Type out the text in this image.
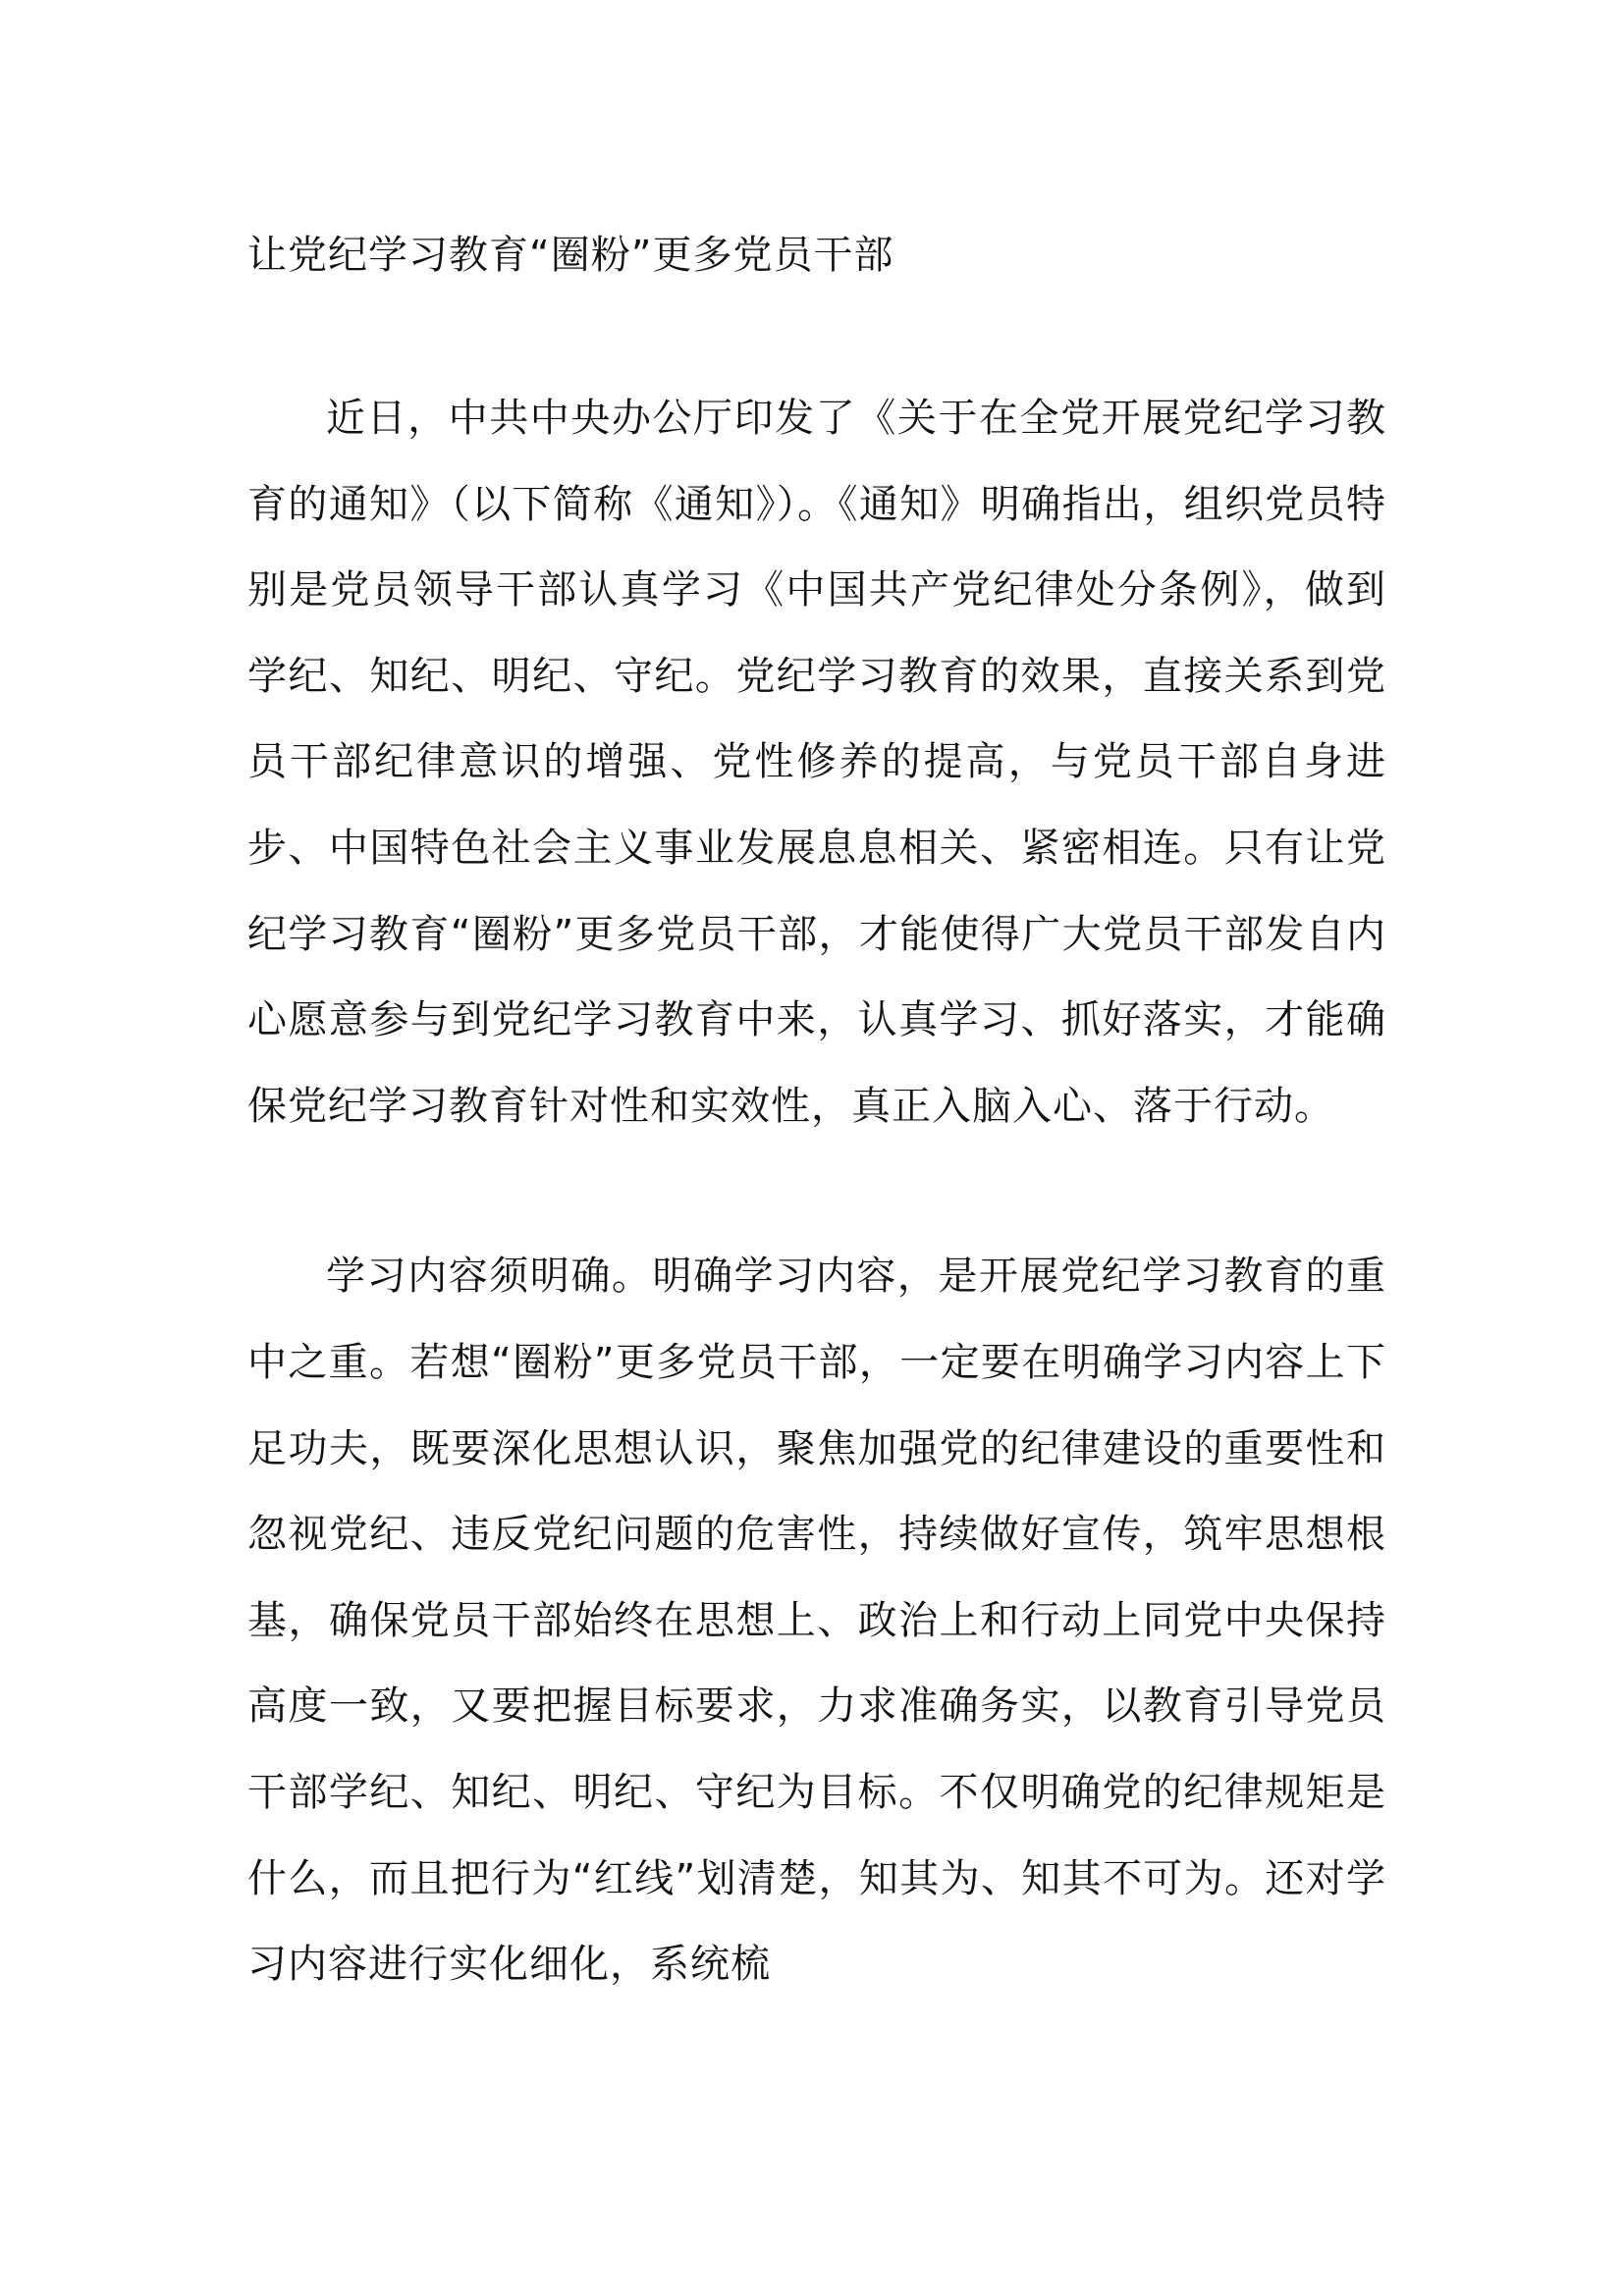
让党纪学习教育“圈粉”更多党员干部

近日，中共中央办公厅印发了《关于在全党开展党纪学习教育的通知》（以下简称《通知》）。《通知》明确指出，组织党员特别是党员领导干部认真学习《中国共产党纪律处分条例》，做到学纪、知纪、明纪、守纪。党纪学习教育的效果，直接关系到党员干部纪律意识的增强、党性修养的提高，与党员干部自身进步、中国特色社会主义事业发展息息相关、紧密相连。只有让党纪学习教育“圈粉”更多党员干部，才能使得广大党员干部发自内心愿意参与到党纪学习教育中来，认真学习、抓好落实，才能确保党纪学习教育针对性和实效性，真正入脑入心、落于行动。

学习内容须明确。明确学习内容，是开展党纪学习教育的重中之重。若想“圈粉”更多党员干部，一定要在明确学习内容上下足功夫，既要深化思想认识，聚焦加强党的纪律建设的重要性和忽视党纪、违反党纪问题的危害性，持续做好宣传，筑牢思想根基，确保党员干部始终在思想上、政治上和行动上同党中央保持高度一致，又要把握目标要求，力求准确务实，以教育引导党员干部学纪、知纪、明纪、守纪为目标。不仅明确党的纪律规矩是什么，而且把行为“红线”划清楚，知其为、知其不可为。还对学习内容进行实化细化，系统梳
